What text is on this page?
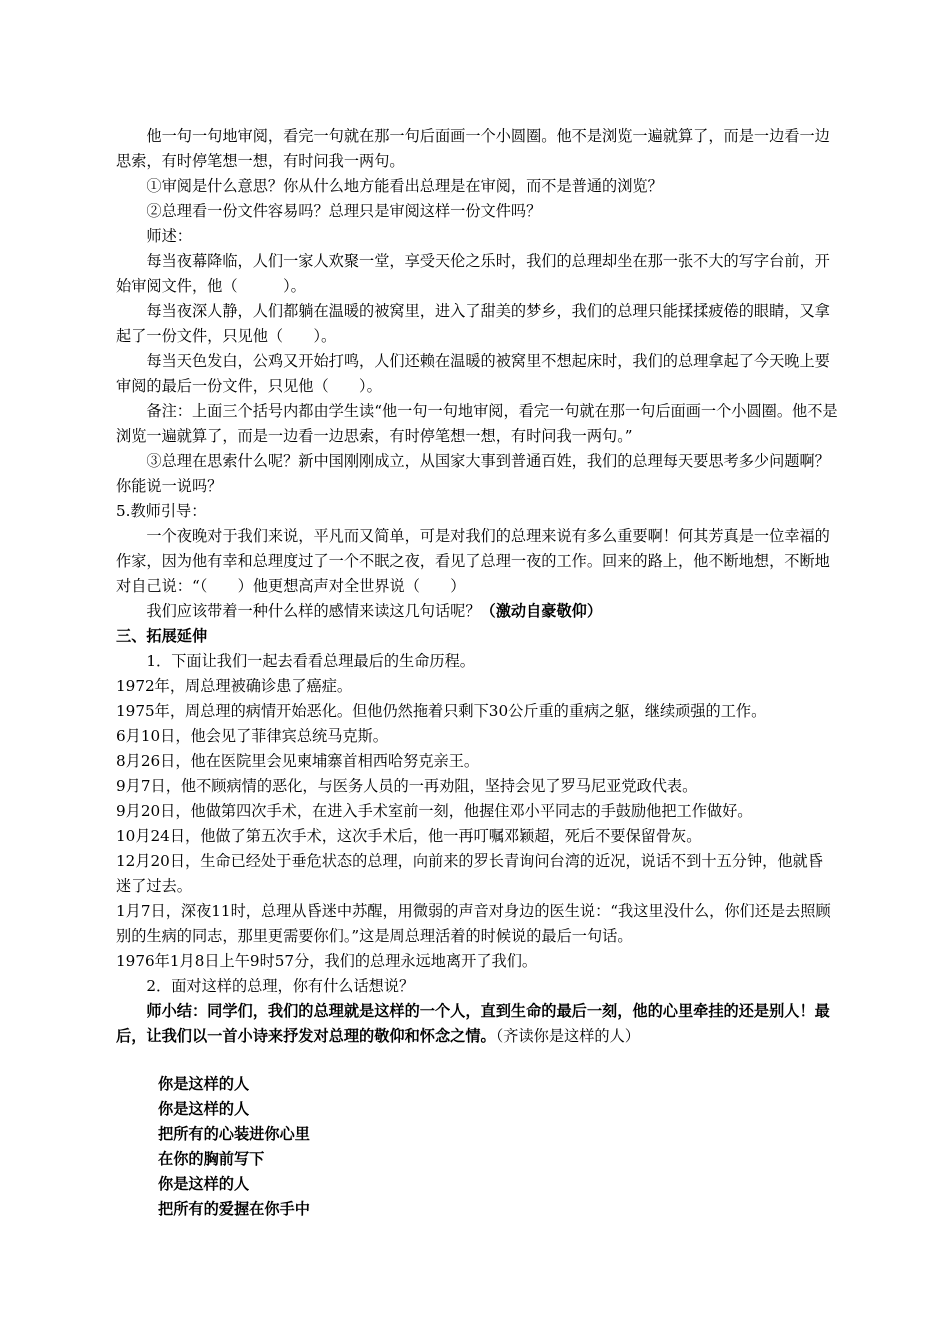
　　他一句一句地审阅，看完一句就在那一句后面画一个小圆圈。他不是浏览一遍就算了，而是一边看一边思索，有时停笔想一想，有时问我一两句。

　　①审阅是什么意思？你从什么地方能看出总理是在审阅，而不是普通的浏览？

　　②总理看一份文件容易吗？总理只是审阅这样一份文件吗？

　　师述：

　　每当夜幕降临，人们一家人欢聚一堂，享受天伦之乐时，我们的总理却坐在那一张不大的写字台前，开始审阅文件，他（　　　）。

　　每当夜深人静，人们都躺在温暖的被窝里，进入了甜美的梦乡，我们的总理只能揉揉疲倦的眼睛，又拿起了一份文件，只见他（　　）。

　　每当天色发白，公鸡又开始打鸣，人们还赖在温暖的被窝里不想起床时，我们的总理拿起了今天晚上要审阅的最后一份文件，只见他（　　）。

　　备注：上面三个括号内都由学生读“他一句一句地审阅，看完一句就在那一句后面画一个小圆圈。他不是浏览一遍就算了，而是一边看一边思索，有时停笔想一想，有时问我一两句。”

　　③总理在思索什么呢？新中国刚刚成立，从国家大事到普通百姓，我们的总理每天要思考多少问题啊？你能说一说吗？

5.教师引导：

　　一个夜晚对于我们来说，平凡而又简单，可是对我们的总理来说有多么重要啊！何其芳真是一位幸福的作家，因为他有幸和总理度过了一个不眠之夜，看见了总理一夜的工作。回来的路上，他不断地想，不断地对自己说：“（　　）他更想高声对全世界说（　　）

　　我们应该带着一种什么样的感情来读这几句话呢？（激动自豪敬仰）

三、拓展延伸

　　1．下面让我们一起去看看总理最后的生命历程。

1972年，周总理被确诊患了癌症。

1975年，周总理的病情开始恶化。但他仍然拖着只剩下30公斤重的重病之躯，继续顽强的工作。

6月10日，他会见了菲律宾总统马克斯。

8月26日，他在医院里会见柬埔寨首相西哈努克亲王。

9月7日，他不顾病情的恶化，与医务人员的一再劝阻，坚持会见了罗马尼亚党政代表。

9月20日，他做第四次手术，在进入手术室前一刻，他握住邓小平同志的手鼓励他把工作做好。

10月24日，他做了第五次手术，这次手术后，他一再叮嘱邓颖超，死后不要保留骨灰。

12月20日，生命已经处于垂危状态的总理，向前来的罗长青询问台湾的近况，说话不到十五分钟，他就昏迷了过去。

1月7日，深夜11时，总理从昏迷中苏醒，用微弱的声音对身边的医生说：“我这里没什么，你们还是去照顾别的生病的同志，那里更需要你们。”这是周总理活着的时候说的最后一句话。

1976年1月8日上午9时57分，我们的总理永远地离开了我们。

　　2．面对这样的总理，你有什么话想说？

　　师小结：同学们，我们的总理就是这样的一个人，直到生命的最后一刻，他的心里牵挂的还是别人！最后，让我们以一首小诗来抒发对总理的敬仰和怀念之情。（齐读你是这样的人）

你是这样的人

你是这样的人

把所有的心装进你心里

在你的胸前写下

你是这样的人

把所有的爱握在你手中
